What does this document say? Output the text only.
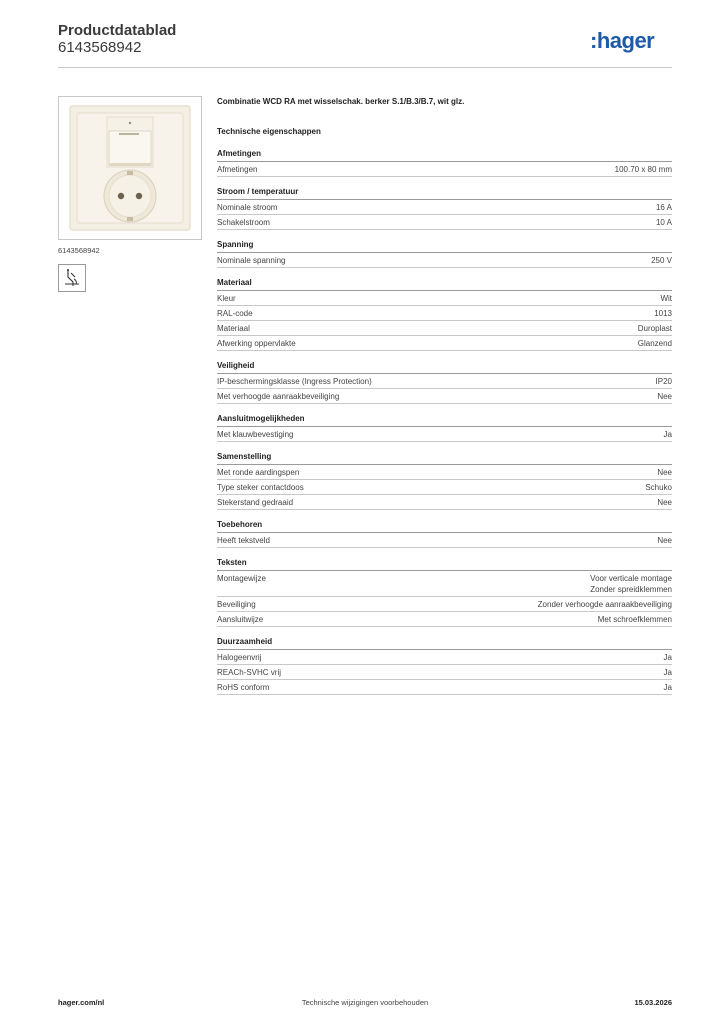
Productdatablad
6143568942	:hager
6143568942
Combinatie WCD RA met wisselschak. berker S.1/B.3/B.7, wit glz.
Technische eigenschappen
Afmetingen
Afmetingen	100.70 x 80 mm
Stroom / temperatuur
Nominale stroom	16 A
Schakelstroom	10 A
Spanning
Nominale spanning	250 V
Materiaal
Kleur	Wit
RAL-code	1013
Materiaal	Duroplast
Afwerking oppervlakte	Glanzend
Veiligheid
IP-beschermingsklasse (Ingress Protection)	IP20
Met verhoogde aanraakbeveiliging	Nee
Aansluitmogelijkheden
Met klauwbevestiging	Ja
Samenstelling
Met ronde aardingspen	Nee
Type steker contactdoos	Schuko
Stekerstand gedraaid	Nee
Toebehoren
Heeft tekstveld	Nee
Teksten
Montagewijze	Voor verticale montage
Zonder spreidklemmen
Beveiliging	Zonder verhoogde aanraakbeveiliging
Aansluitwijze	Met schroefklemmen
Duurzaamheid
Halogeenvrij	Ja
REACh-SVHC vrij	Ja
RoHS conform	Ja
hager.com/nl	Technische wijzigingen voorbehouden	15.03.2026
